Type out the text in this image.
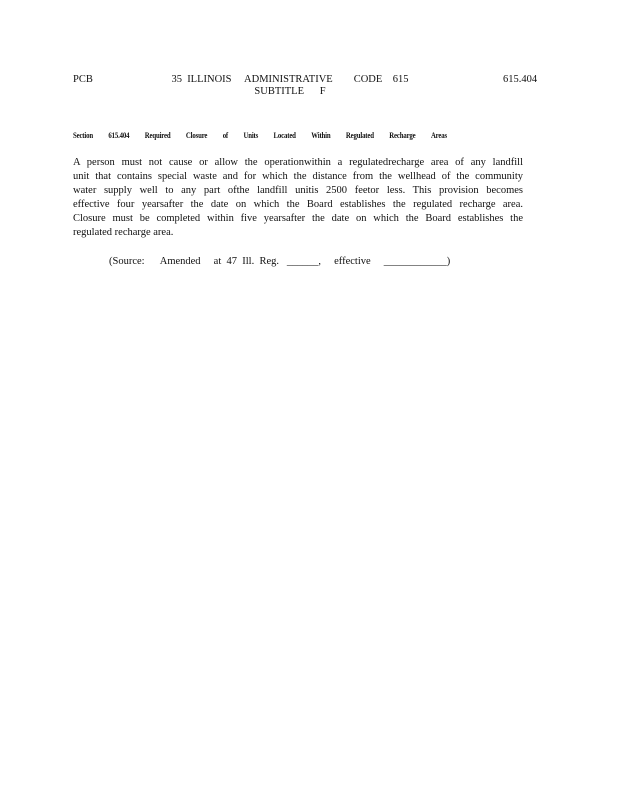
PCB	35  ILLINOIS     ADMINISTRATIVE        CODE    615
SUBTITLE      F
615.404
Section 615.404 Required Closure of Units Located Within Regulated Recharge Areas
A person must not cause or allow the operationwithin a regulatedrecharge area of any landfill
unit that contains special waste and for which the distance from the wellhead of the community
water supply well to any part ofthe landfill unitis 2500 feetor less. This provision becomes
effective four yearsafter the date on which the Board establishes the regulated recharge area.
Closure must be completed within five yearsafter the date on which the Board establishes the
regulated recharge area.
(Source:      Amended     at  47  Ill.  Reg.   ______,     effective     ____________)
